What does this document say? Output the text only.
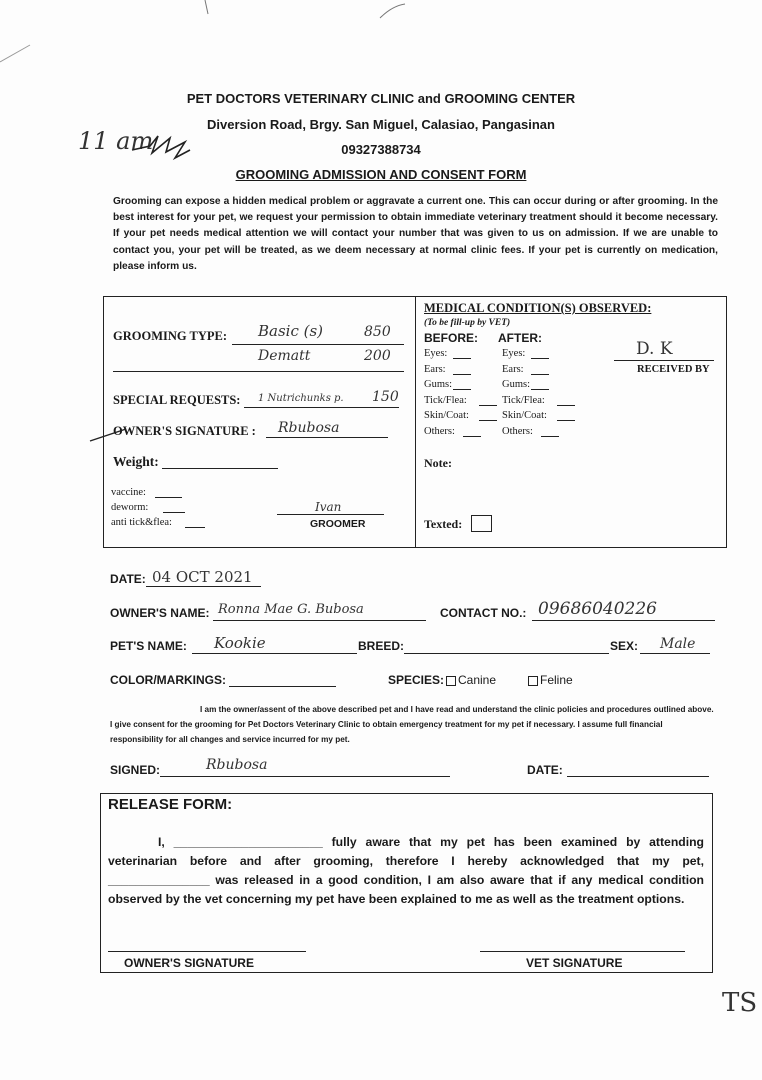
PET DOCTORS VETERINARY CLINIC and GROOMING CENTER
Diversion Road, Brgy. San Miguel, Calasiao, Pangasinan
09327388734
GROOMING ADMISSION AND CONSENT FORM
11 am
Grooming can expose a hidden medical problem or aggravate a current one. This can occur during or after grooming. In the best interest for your pet, we request your permission to obtain immediate veterinary treatment should it become necessary. If your pet needs medical attention we will contact your number that was given to us on admission. If we are unable to contact you, your pet will be treated, as we deem necessary at normal clinic fees. If your pet is currently on medication, please inform us.
GROOMING TYPE: Basic (s)	850
Dematt	200
SPECIAL REQUESTS: 1 Nutrichunks p. 150
OWNER'S SIGNATURE : Rbubosa
Weight:
vaccine:
deworm:
anti tick&flea:
Ivan
GROOMER
MEDICAL CONDITION(S) OBSERVED:
(To be fill-up by VET)
BEFORE: AFTER:
Eyes:	Eyes:
Ears:	Ears:
Gums:	Gums:
Tick/Flea:	Tick/Flea:
Skin/Coat:	Skin/Coat:
Others:	Others:
D. K
RECEIVED BY
Note:
Texted:
DATE: 04 OCT 2021
OWNER'S NAME: Ronna Mae G. Bubosa	CONTACT NO.: 09686040226
PET'S NAME: Kookie	BREED:	SEX: Male
COLOR/MARKINGS:	SPECIES: Canine	Feline
I am the owner/assent of the above described pet and I have read and understand the clinic policies and procedures outlined above. I give consent for the grooming for Pet Doctors Veterinary Clinic to obtain emergency treatment for my pet if necessary. I assume full financial responsibility for all changes and service incurred for my pet.
SIGNED:	Rbubosa	DATE:
RELEASE FORM:
I, ______________________ fully aware that my pet has been examined by attending veterinarian before and after grooming, therefore I hereby acknowledged that my pet, _______________ was released in a good condition, I am also aware that if any medical condition observed by the vet concerning my pet have been explained to me as well as the treatment options.
OWNER'S SIGNATURE	VET SIGNATURE
TS
